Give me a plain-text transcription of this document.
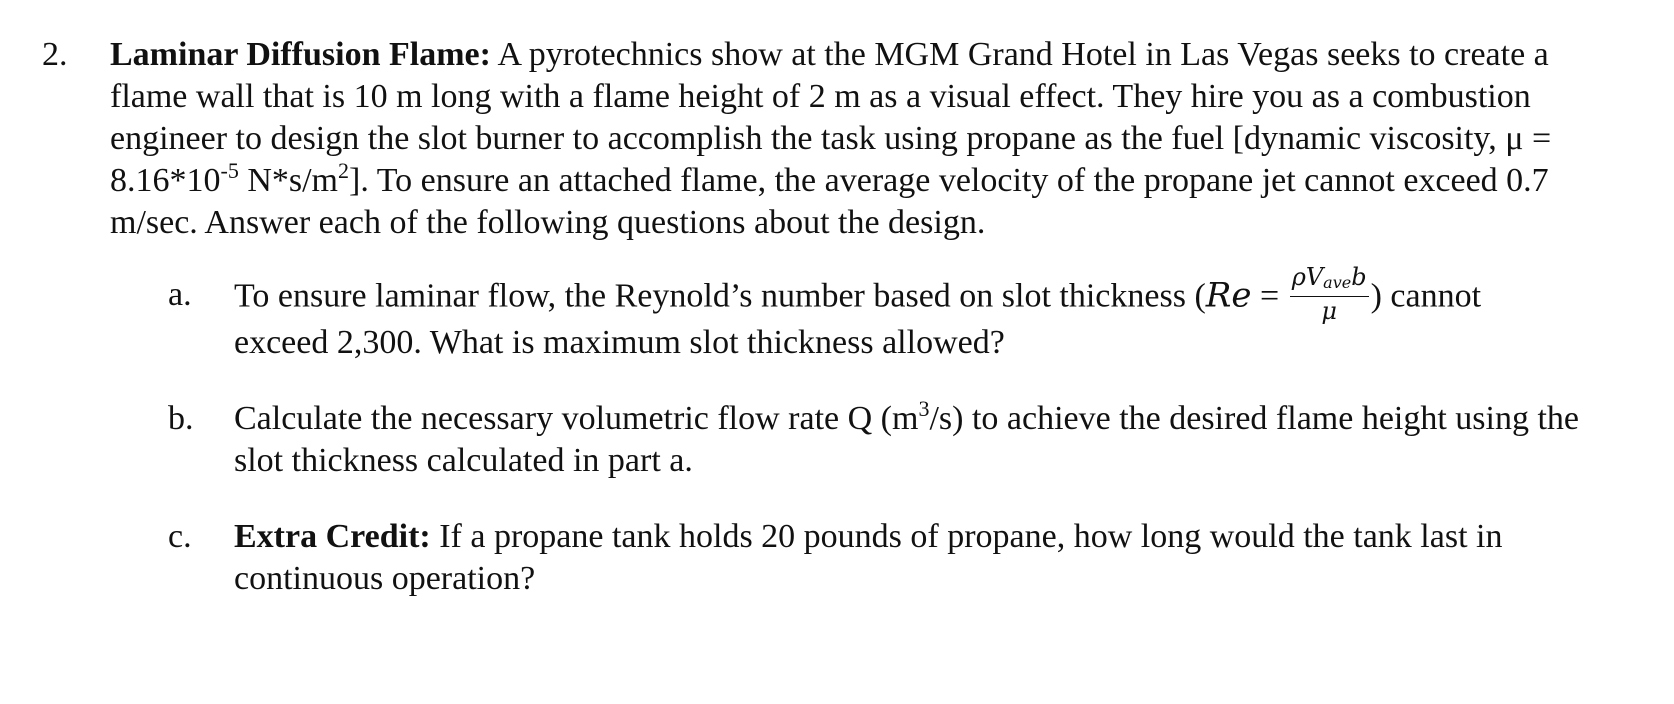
2. Laminar Diffusion Flame: A pyrotechnics show at the MGM Grand Hotel in Las Vegas seeks to create a
flame wall that is 10 m long with a flame height of 2 m as a visual effect. They hire you as a combustion
engineer to design the slot burner to accomplish the task using propane as the fuel [dynamic viscosity, μ =
$8.16*10^{-5}$ $N*s/m^2$]. To ensure an attached flame, the average velocity of the propane jet cannot exceed 0.7
m/sec. Answer each of the following questions about the design.
a. To ensure laminar flow, the Reynold’s number based on slot thickness ($Re = \frac{\text{ρVaveb}}{\mu}$ ) cannot
exceed 2,300. What is maximum slot thickness allowed?
b. Calculate the necessary volumetric flow rate Q $(m^3/s)$ to achieve the desired flame height using the
slot thickness calculated in part a.
c. Extra Credit: If a propane tank holds 20 pounds of propane, how long would the tank last in
continuous operation?
